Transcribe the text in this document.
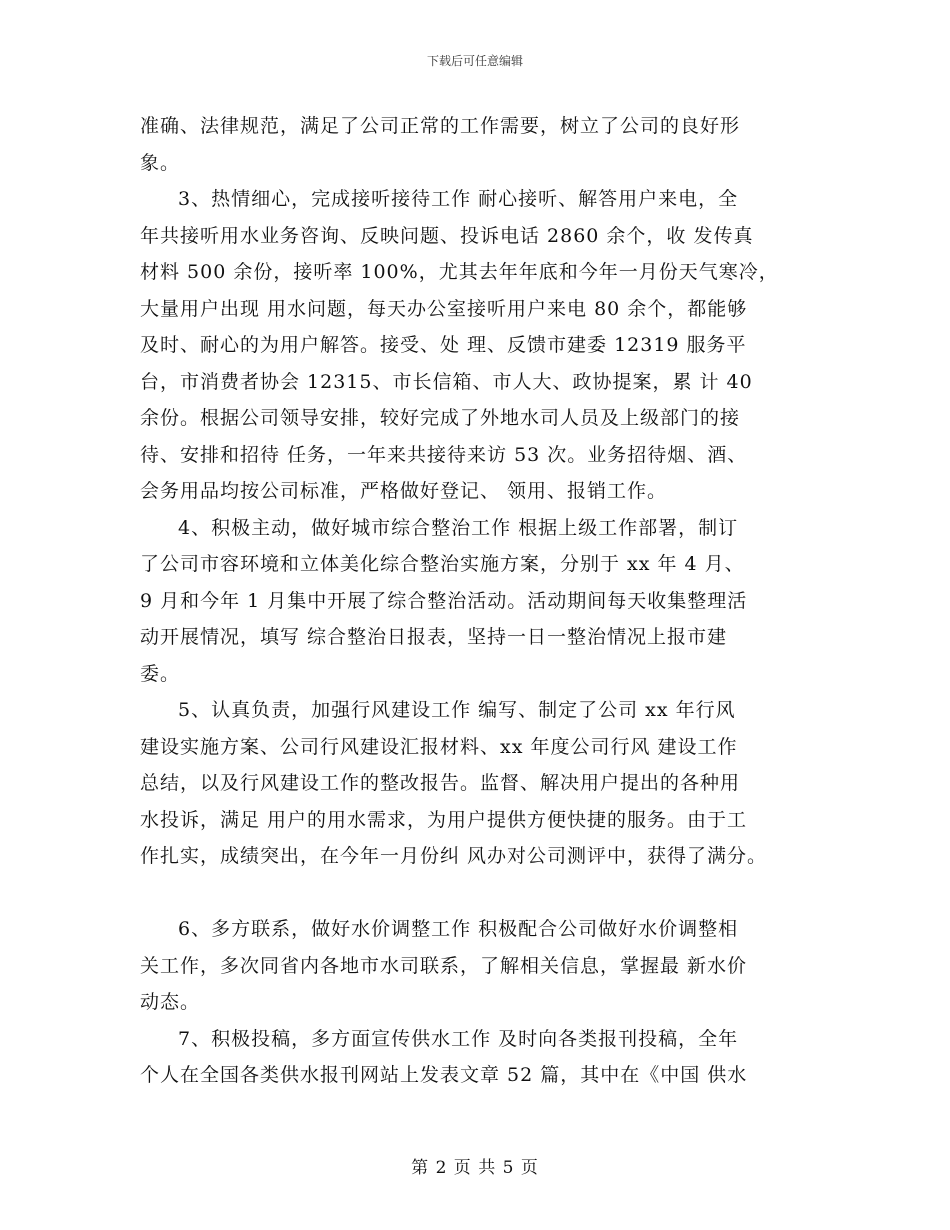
下载后可任意编辑
准确、法律规范，满足了公司正常的工作需要，树立了公司的良好形
象。
3、热情细心，完成接听接待工作 耐心接听、解答用户来电，全
年共接听用水业务咨询、反映问题、投诉电话 2860 余个，收 发传真
材料 500 余份，接听率 100%，尤其去年年底和今年一月份天气寒冷，
大量用户出现 用水问题，每天办公室接听用户来电 80 余个，都能够
及时、耐心的为用户解答。接受、处 理、反馈市建委 12319 服务平
台，市消费者协会 12315、市长信箱、市人大、政协提案，累 计 40
余份。根据公司领导安排，较好完成了外地水司人员及上级部门的接
待、安排和招待 任务，一年来共接待来访 53 次。业务招待烟、酒、
会务用品均按公司标准，严格做好登记、 领用、报销工作。
4、积极主动，做好城市综合整治工作 根据上级工作部署，制订
了公司市容环境和立体美化综合整治实施方案，分别于 xx 年 4 月、
9 月和今年 1 月集中开展了综合整治活动。活动期间每天收集整理活
动开展情况，填写 综合整治日报表，坚持一日一整治情况上报市建
委。
5、认真负责，加强行风建设工作 编写、制定了公司 xx 年行风
建设实施方案、公司行风建设汇报材料、xx 年度公司行风 建设工作
总结，以及行风建设工作的整改报告。监督、解决用户提出的各种用
水投诉，满足 用户的用水需求，为用户提供方便快捷的服务。由于工
作扎实，成绩突出，在今年一月份纠 风办对公司测评中，获得了满分。
6、多方联系，做好水价调整工作 积极配合公司做好水价调整相
关工作，多次同省内各地市水司联系，了解相关信息，掌握最 新水价
动态。
7、积极投稿，多方面宣传供水工作 及时向各类报刊投稿，全年
个人在全国各类供水报刊网站上发表文章 52 篇，其中在《中国 供水
第 2 页 共 5 页
